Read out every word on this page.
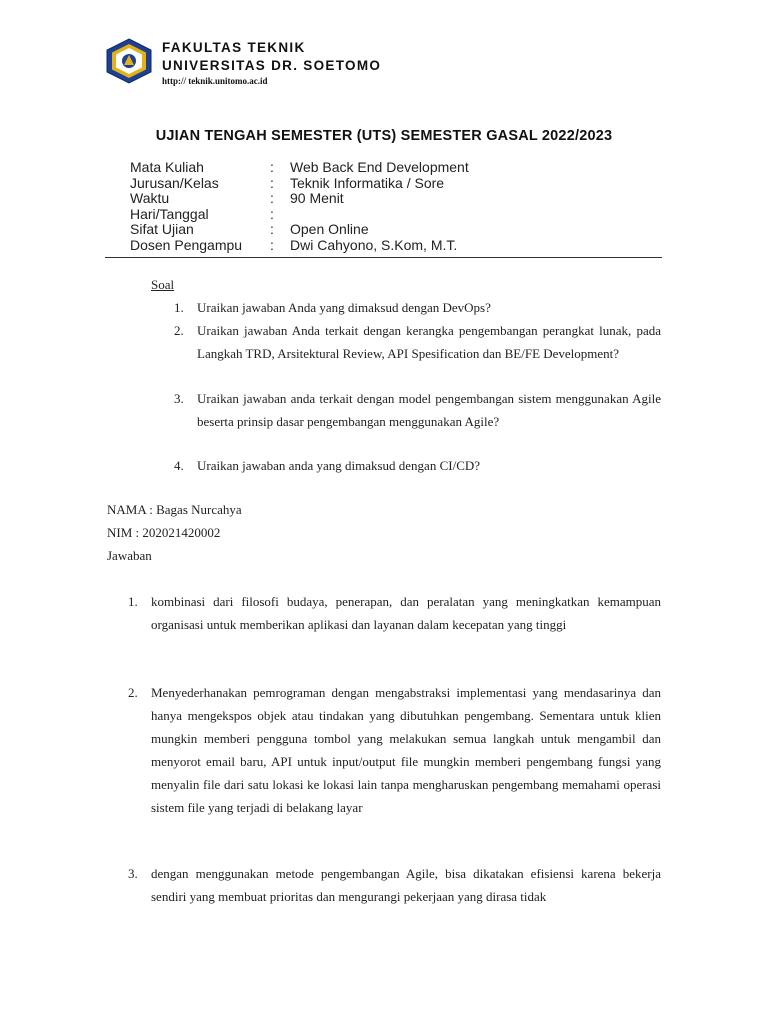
FAKULTAS TEKNIK
UNIVERSITAS DR. SOETOMO
http:// teknik.unitomo.ac.id
UJIAN TENGAH SEMESTER (UTS) SEMESTER GASAL 2022/2023
Mata Kuliah	: Web Back End Development
Jurusan/Kelas	: Teknik Informatika / Sore
Waktu	: 90 Menit
Hari/Tanggal	:
Sifat Ujian	: Open Online
Dosen Pengampu : Dwi Cahyono, S.Kom, M.T.
Soal
1. Uraikan jawaban Anda yang dimaksud dengan DevOps?
2. Uraikan jawaban Anda terkait dengan kerangka pengembangan perangkat lunak, pada Langkah TRD, Arsitektural Review, API Spesification dan BE/FE Development?
3. Uraikan jawaban anda terkait dengan model pengembangan sistem menggunakan Agile beserta prinsip dasar pengembangan menggunakan Agile?
4. Uraikan jawaban anda yang dimaksud dengan CI/CD?
NAMA : Bagas Nurcahya
NIM : 202021420002
Jawaban
1. kombinasi dari filosofi budaya, penerapan, dan peralatan yang meningkatkan kemampuan organisasi untuk memberikan aplikasi dan layanan dalam kecepatan yang tinggi
2. Menyederhanakan pemrograman dengan mengabstraksi implementasi yang mendasarinya dan hanya mengekspos objek atau tindakan yang dibutuhkan pengembang. Sementara untuk klien mungkin memberi pengguna tombol yang melakukan semua langkah untuk mengambil dan menyorot email baru, API untuk input/output file mungkin memberi pengembang fungsi yang menyalin file dari satu lokasi ke lokasi lain tanpa mengharuskan pengembang memahami operasi sistem file yang terjadi di belakang layar
3. dengan menggunakan metode pengembangan Agile, bisa dikatakan efisiensi karena bekerja sendiri yang membuat prioritas dan mengurangi pekerjaan yang dirasa tidak
